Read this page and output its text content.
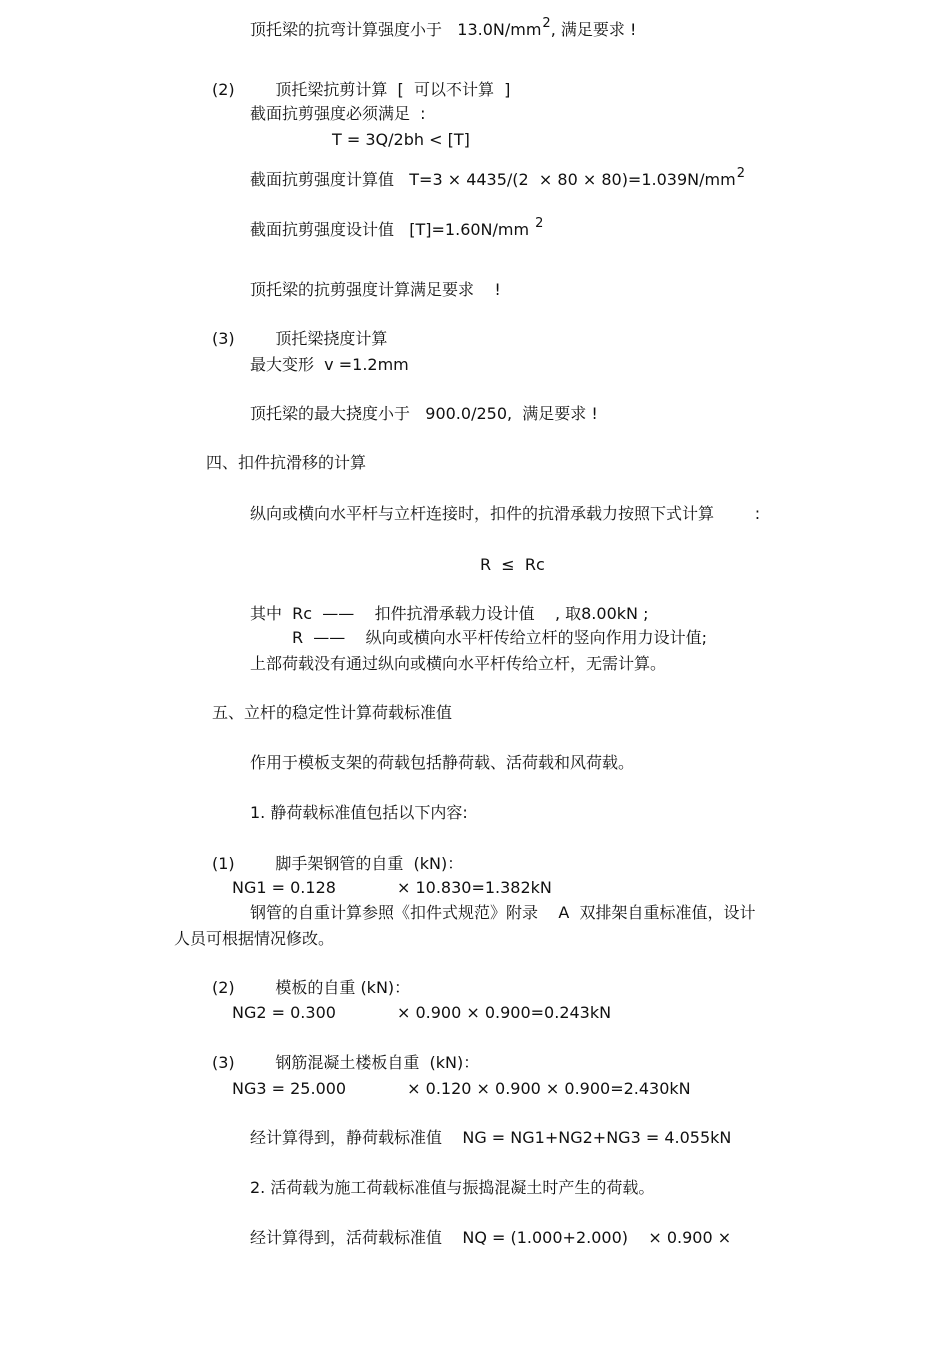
顶托梁的抗弯计算强度小于   $13.0N/mm^2$, 满足要求 !
(2)        顶托梁抗剪计算  [  可以不计算  ]
截面抗剪强度必须满足  :
T = 3Q/2bh < [T]
截面抗剪强度计算值   $T=3 \times 4435/(2 \times 80 \times 80)=1.039N/mm^2$
截面抗剪强度设计值   [T]=1.60N/mm $^2$
顶托梁的抗剪强度计算满足要求    !
(3)        顶托梁挠度计算
最大变形  v =1.2mm
顶托梁的最大挠度小于   900.0/250,  满足要求 !
四、扣件抗滑移的计算
纵向或横向水平杆与立杆连接时，扣件的抗滑承载力按照下式计算        :
R  ≤  Rc
其中  Rc  ——    扣件抗滑承载力设计值    , 取8.00kN ;
R  ——    纵向或横向水平杆传给立杆的竖向作用力设计值;
上部荷载没有通过纵向或横向水平杆传给立杆，无需计算。
五、立杆的稳定性计算荷载标准值
作用于模板支架的荷载包括静荷载、活荷载和风荷载。
1. 静荷载标准值包括以下内容:
(1)        脚手架钢管的自重  (kN)：
NG1 = 0.128            × 10.830=1.382kN
钢管的自重计算参照《扣件式规范》附录    A  双排架自重标准值，设计
人员可根据情况修改。
(2)        模板的自重 (kN)：
NG2 = 0.300            × 0.900 × 0.900=0.243kN
(3)        钢筋混凝土楼板自重  (kN)：
NG3 = 25.000            × 0.120 × 0.900 × 0.900=2.430kN
经计算得到，静荷载标准值    NG = NG1+NG2+NG3 = 4.055kN
2. 活荷载为施工荷载标准值与振捣混凝土时产生的荷载。
经计算得到，活荷载标准值    NQ = (1.000+2.000)    × 0.900 ×
